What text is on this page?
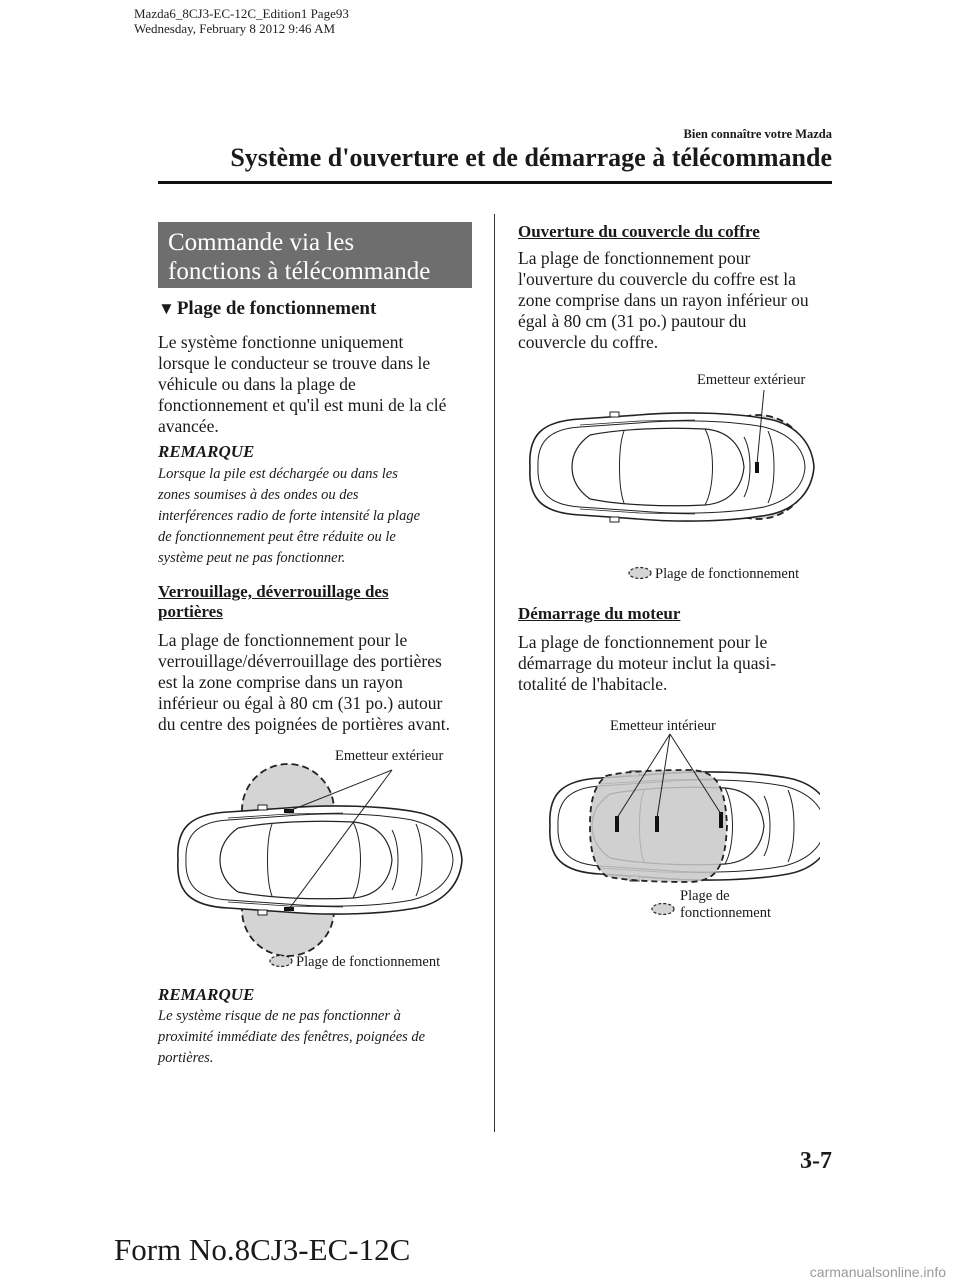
Mazda6_8CJ3-EC-12C_Edition1 Page93
Wednesday, February 8 2012 9:46 AM
Bien connaître votre Mazda
Système d'ouverture et de démarrage à télécommande
Commande via les
fonctions à télécommande
▼ Plage de fonctionnement
Le système fonctionne uniquement
lorsque le conducteur se trouve dans le
véhicule ou dans la plage de
fonctionnement et qu'il est muni de la clé
avancée.
REMARQUE
Lorsque la pile est déchargée ou dans les
zones soumises à des ondes ou des
interférences radio de forte intensité la plage
de fonctionnement peut être réduite ou le
système peut ne pas fonctionner.
Verrouillage, déverrouillage des
portières
La plage de fonctionnement pour le
verrouillage/déverrouillage des portières
est la zone comprise dans un rayon
inférieur ou égal à 80 cm (31 po.) autour
du centre des poignées de portières avant.
Emetteur extérieur
Plage de fonctionnement
REMARQUE
Le système risque de ne pas fonctionner à
proximité immédiate des fenêtres, poignées de
portières.
Ouverture du couvercle du coffre
La plage de fonctionnement pour
l'ouverture du couvercle du coffre est la
zone comprise dans un rayon inférieur ou
égal à 80 cm (31 po.) pautour du
couvercle du coffre.
Emetteur extérieur
Plage de fonctionnement
Démarrage du moteur
La plage de fonctionnement pour le
démarrage du moteur inclut la quasi-
totalité de l'habitacle.
Emetteur intérieur
Plage de
fonctionnement
3-7
Form No.8CJ3-EC-12C
carmanualsonline.info
